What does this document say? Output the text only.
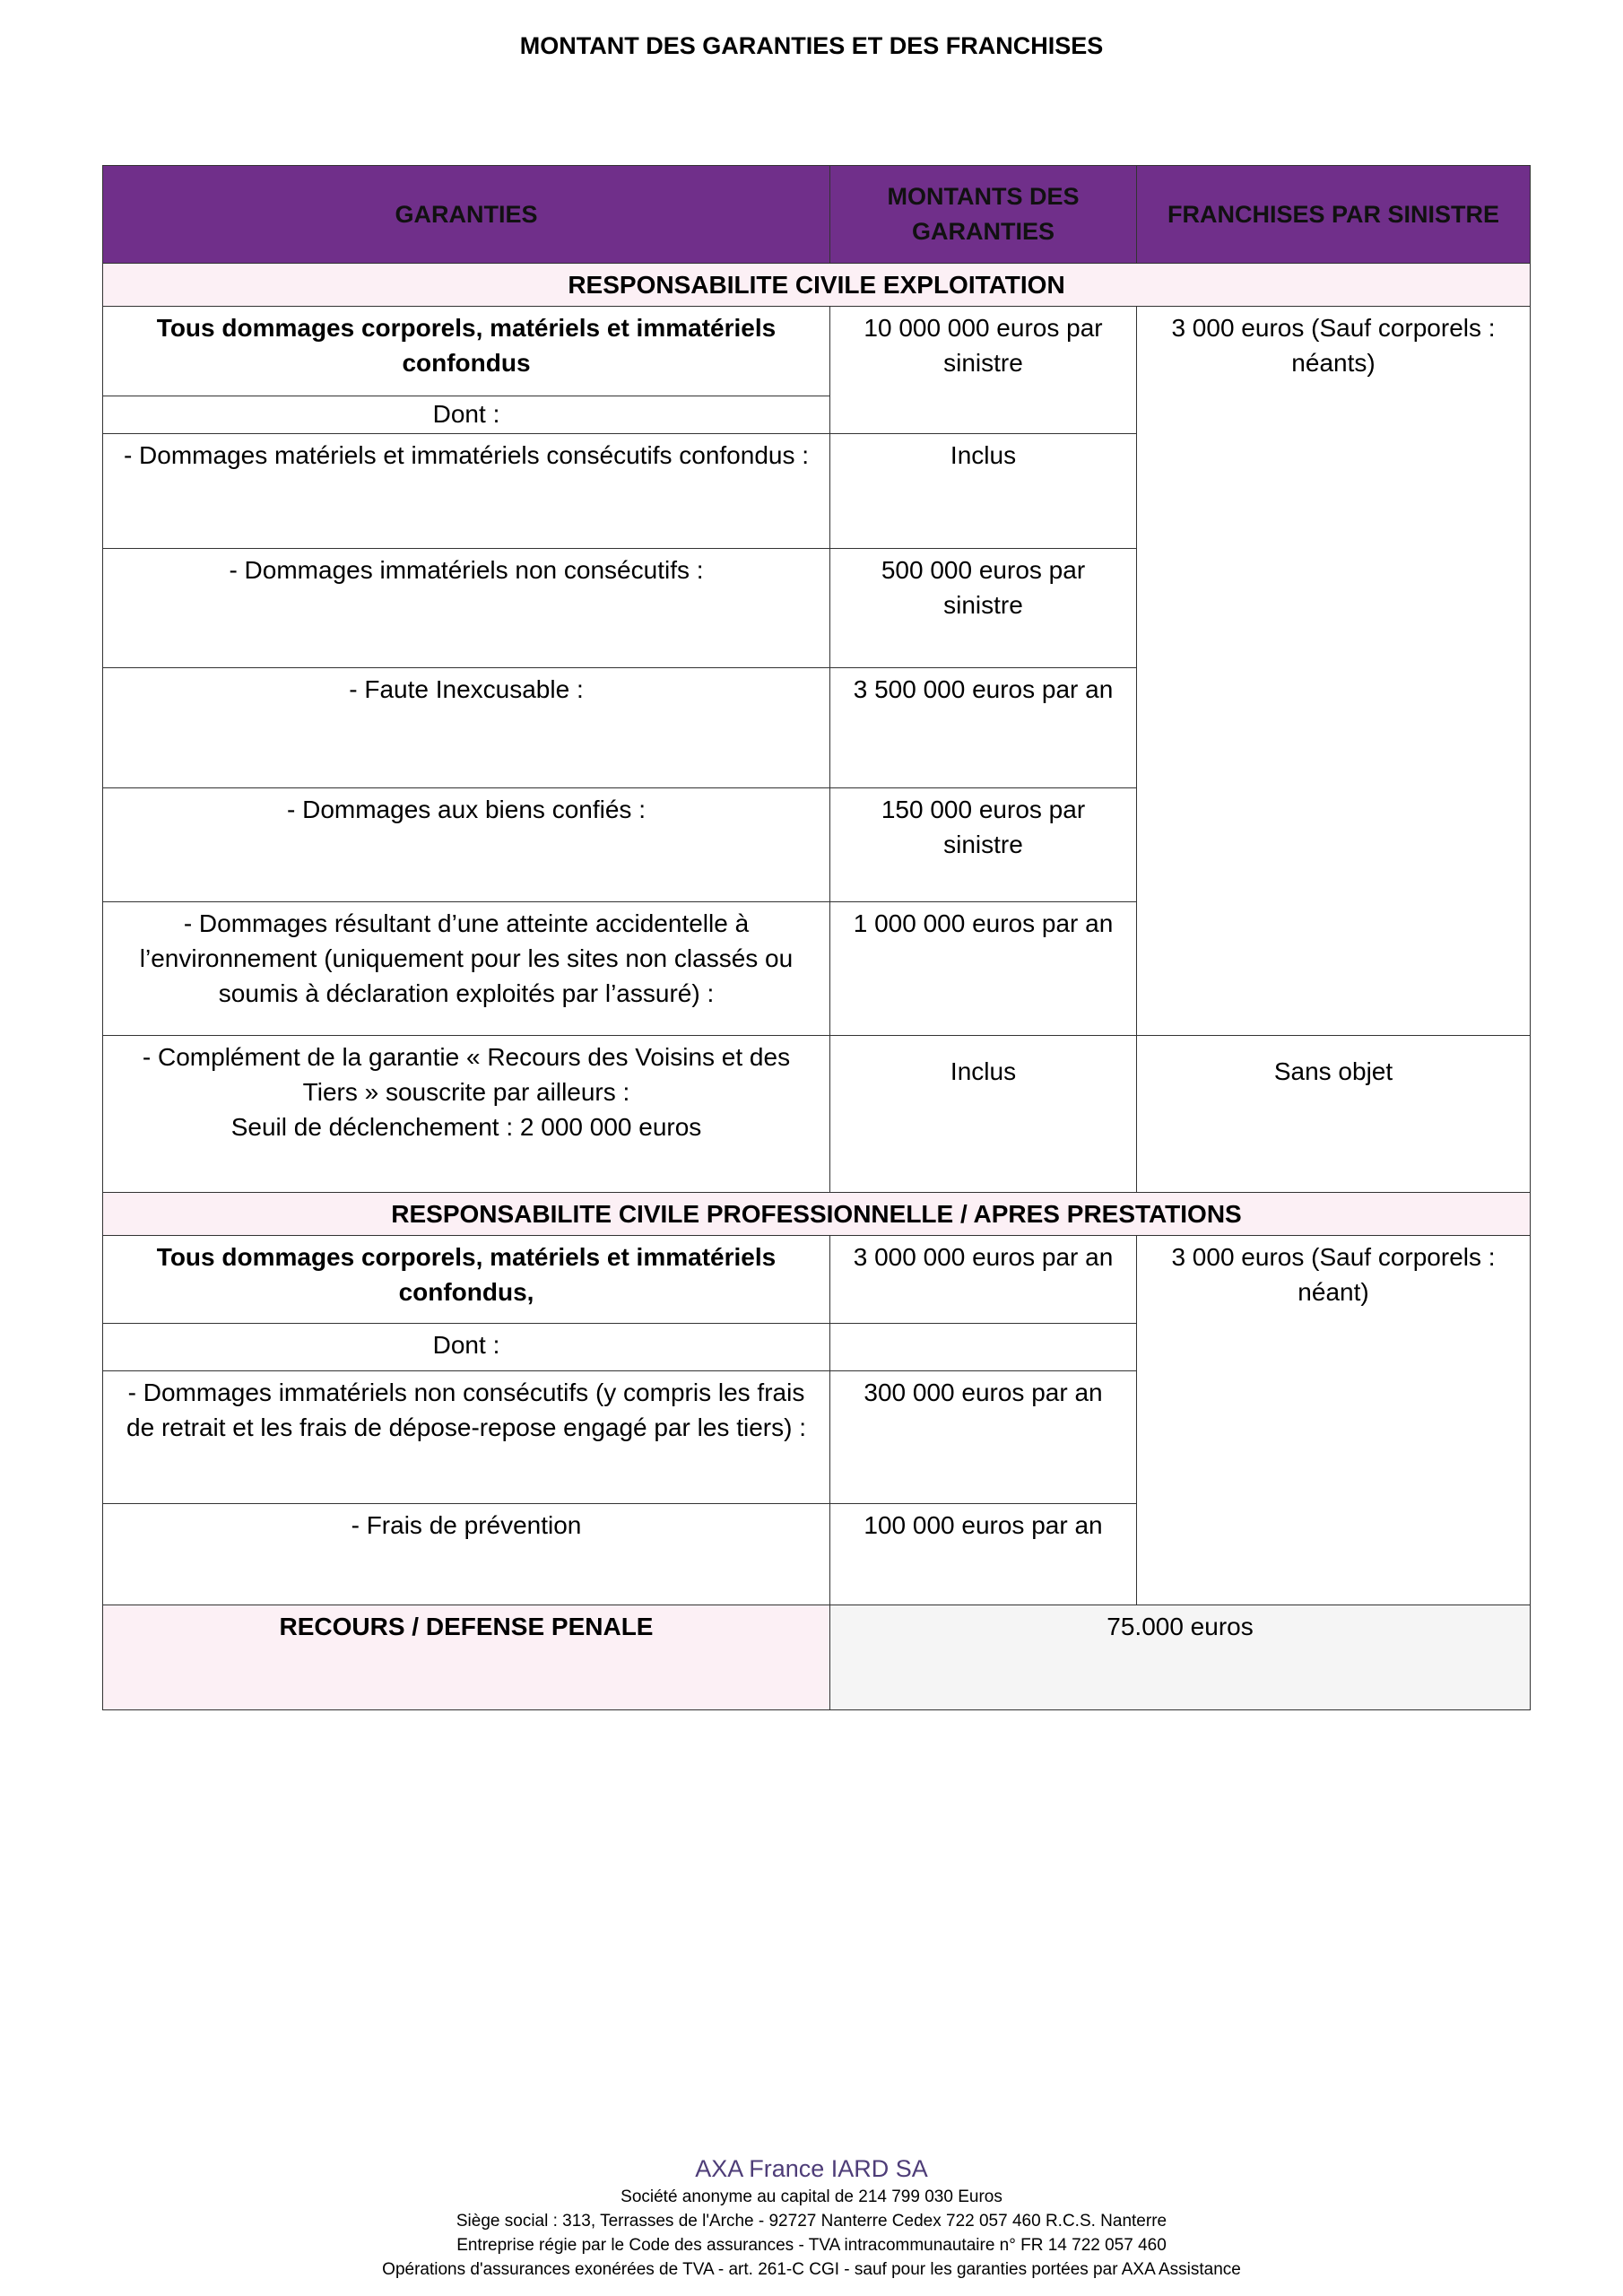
MONTANT DES GARANTIES ET DES FRANCHISES
GARANTIES	MONTANTS DES GARANTIES	FRANCHISES PAR SINISTRE
RESPONSABILITE CIVILE EXPLOITATION		
Tous dommages corporels, matériels et immatériels confondus	10 000 000 euros par sinistre	3 000 euros (Sauf corporels : néants)
Dont :		
- Dommages matériels et immatériels consécutifs confondus :	Inclus	
- Dommages immatériels non consécutifs :	500 000 euros par sinistre	
- Faute Inexcusable :	3 500 000 euros par an	
- Dommages aux biens confiés :	150 000 euros par sinistre	
- Dommages résultant d’une atteinte accidentelle à l’environnement (uniquement pour les sites non classés ou soumis à déclaration exploités par l’assuré) :	1 000 000 euros par an	

- Complément de la garantie « Recours des Voisins et des Tiers » souscrite par ailleurs :
Seuil de déclenchement : 2 000 000 euros	Inclus	Sans objet
RESPONSABILITE CIVILE PROFESSIONNELLE / APRES PRESTATIONS		
Tous dommages corporels, matériels et immatériels confondus,	3 000 000 euros par an	3 000 euros (Sauf corporels : néant)
Dont :		
- Dommages immatériels non consécutifs (y compris les frais de retrait et les frais de dépose-repose engagé par les tiers) :	300 000 euros par an	
- Frais de prévention	100 000 euros par an	
RECOURS / DEFENSE PENALE	75.000 euros	
AXA France IARD SA
Société anonyme au capital de 214 799 030 Euros
Siège social : 313, Terrasses de l'Arche - 92727 Nanterre Cedex 722 057 460 R.C.S. Nanterre
Entreprise régie par le Code des assurances - TVA intracommunautaire n° FR 14 722 057 460
Opérations d'assurances exonérées de TVA - art. 261-C CGI - sauf pour les garanties portées par AXA Assistance
